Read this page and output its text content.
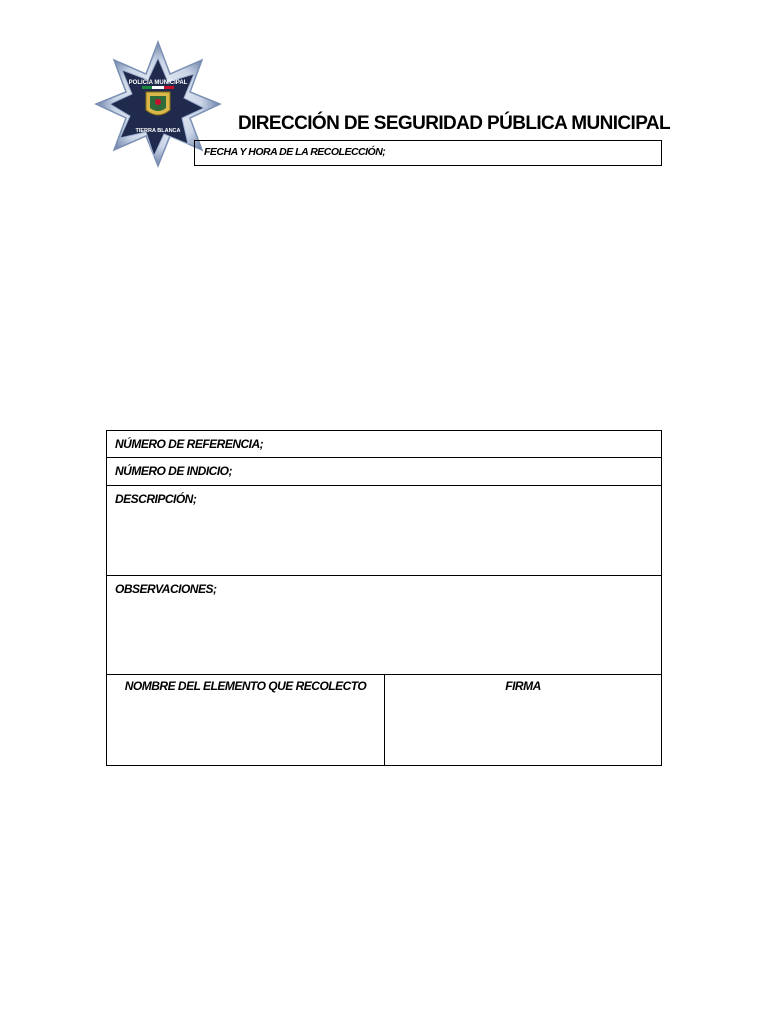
POLICÍA MUNICIPAL
TIERRA BLANCA	DIRECCIÓN DE SEGURIDAD PÚBLICA MUNICIPAL
FECHA Y HORA DE LA RECOLECCIÓN;
NÚMERO DE REFERENCIA;
NÚMERO DE INDICIO;
DESCRIPCIÓN;
OBSERVACIONES;
NOMBRE DEL ELEMENTO QUE RECOLECTO	FIRMA
